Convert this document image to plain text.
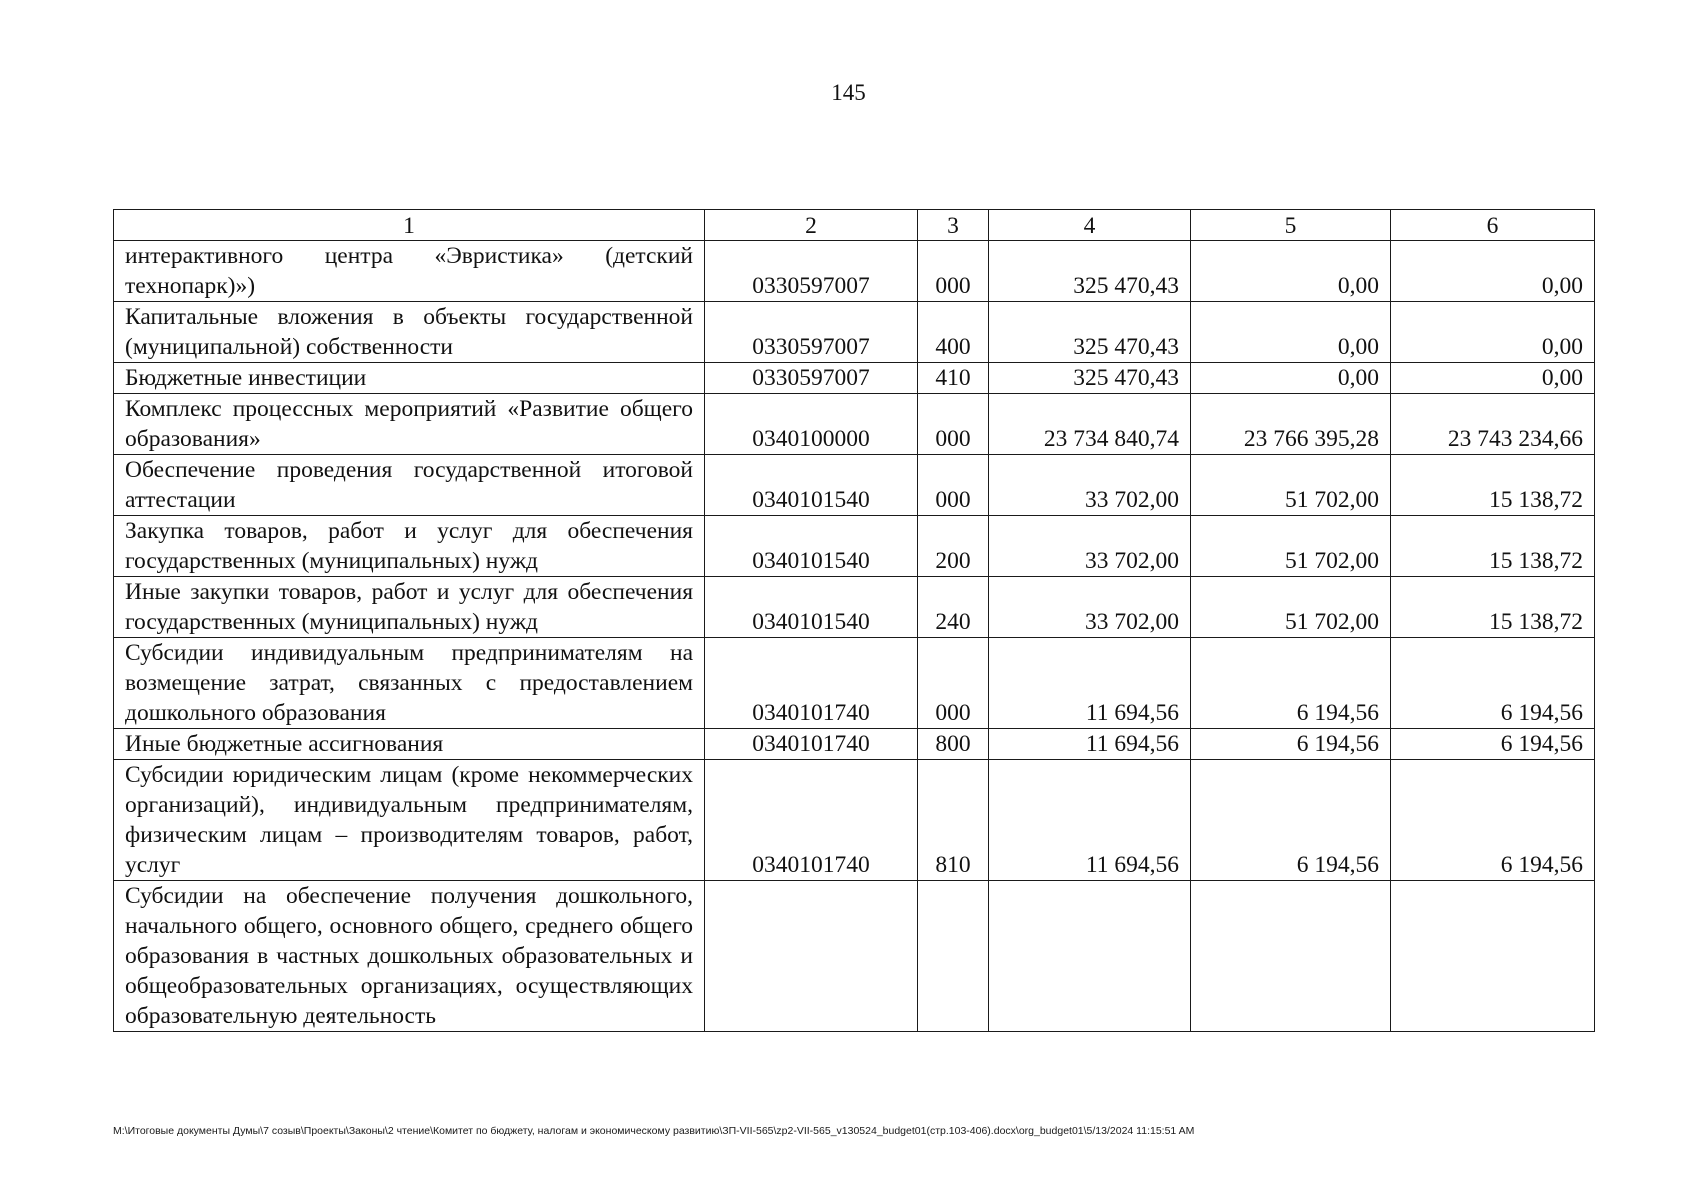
145
1	2	3	4	5	6
интерактивного центра «Эвристика» (детский технопарк)»)	0330597007	000	325 470,43	0,00	0,00
Капитальные вложения в объекты государственной (муниципальной) собственности	0330597007	400	325 470,43	0,00	0,00
Бюджетные инвестиции	0330597007	410	325 470,43	0,00	0,00
Комплекс процессных мероприятий «Развитие общего образования»	0340100000	000	23 734 840,74	23 766 395,28	23 743 234,66
Обеспечение проведения государственной итоговой аттестации	0340101540	000	33 702,00	51 702,00	15 138,72
Закупка товаров, работ и услуг для обеспечения государственных (муниципальных) нужд	0340101540	200	33 702,00	51 702,00	15 138,72
Иные закупки товаров, работ и услуг для обеспечения государственных (муниципальных) нужд	0340101540	240	33 702,00	51 702,00	15 138,72
Субсидии индивидуальным предпринимателям на возмещение затрат, связанных с предоставлением дошкольного образования	0340101740	000	11 694,56	6 194,56	6 194,56
Иные бюджетные ассигнования	0340101740	800	11 694,56	6 194,56	6 194,56
Субсидии юридическим лицам (кроме некоммерческих организаций), индивидуальным предпринимателям, физическим лицам – производителям товаров, работ, услуг	0340101740	810	11 694,56	6 194,56	6 194,56
Субсидии на обеспечение получения дошкольного, начального общего, основного общего, среднего общего образования в частных дошкольных образовательных и общеобразовательных организациях, осуществляющих образовательную деятельность					
М:\Итоговые документы Думы\7 созыв\Проекты\Законы\2 чтение\Комитет по бюджету, налогам и экономическому развитию\ЗП-VII-565\zp2-VII-565_v130524_budget01(стр.103-406).docx\org_budget01\5/13/2024 11:15:51 AM
